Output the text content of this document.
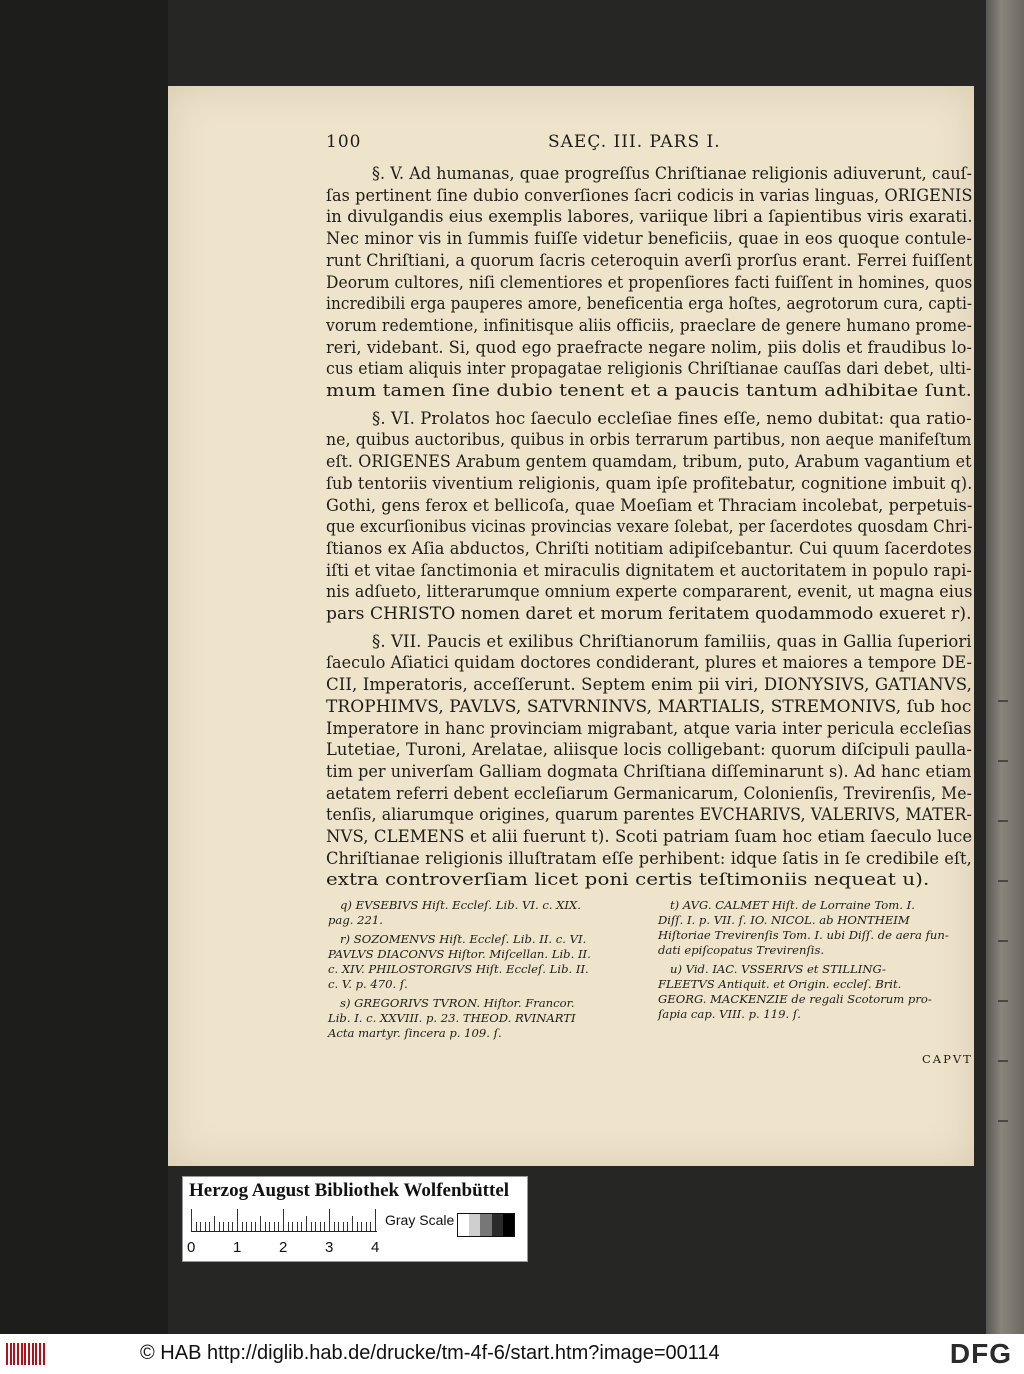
100	SAEÇ. III. PARS I.
§. V. Ad humanas, quae progreſſus Chriſtianae religionis adiuverunt, cauſ-
ſas pertinent ſine dubio converſiones ſacri codicis in varias linguas, ORIGENIS
in divulgandis eius exemplis labores, variique libri a ſapientibus viris exarati.
Nec minor vis in ſummis fuiſſe videtur beneficiis, quae in eos quoque contule-
runt Chriſtiani, a quorum ſacris ceteroquin averſi prorſus erant. Ferrei fuiſſent
Deorum cultores, niſi clementiores et propenſiores facti fuiſſent in homines, quos
incredibili erga pauperes amore, beneficentia erga hoſtes, aegrotorum cura, capti-
vorum redemtione, infinitisque aliis officiis, praeclare de genere humano prome-
reri, videbant. Si, quod ego praefracte negare nolim, piis dolis et fraudibus lo-
cus etiam aliquis inter propagatae religionis Chriſtianae cauſſas dari debet, ulti-
mum tamen ſine dubio tenent et a paucis tantum adhibitae ſunt.
§. VI. Prolatos hoc ſaeculo eccleſiae fines eſſe, nemo dubitat: qua ratio-
ne, quibus auctoribus, quibus in orbis terrarum partibus, non aeque manifeſtum
eſt. ORIGENES Arabum gentem quamdam, tribum, puto, Arabum vagantium et
ſub tentoriis viventium religionis, quam ipſe profitebatur, cognitione imbuit q).
Gothi, gens ferox et bellicoſa, quae Moeſiam et Thraciam incolebat, perpetuis-
que excurſionibus vicinas provincias vexare ſolebat, per ſacerdotes quosdam Chri-
ſtianos ex Aſia abductos, Chriſti notitiam adipiſcebantur. Cui quum ſacerdotes
iſti et vitae ſanctimonia et miraculis dignitatem et auctoritatem in populo rapi-
nis adſueto, litterarumque omnium experte compararent, evenit, ut magna eius
pars CHRISTO nomen daret et morum feritatem quodammodo exueret r).
§. VII. Paucis et exilibus Chriſtianorum familiis, quas in Gallia ſuperiori
ſaeculo Aſiatici quidam doctores condiderant, plures et maiores a tempore DE-
CII, Imperatoris, acceſſerunt. Septem enim pii viri, DIONYSIVS, GATIANVS,
TROPHIMVS, PAVLVS, SATVRNINVS, MARTIALIS, STREMONIVS, ſub hoc
Imperatore in hanc provinciam migrabant, atque varia inter pericula eccleſias
Lutetiae, Turoni, Arelatae, aliisque locis colligebant: quorum diſcipuli paulla-
tim per univerſam Galliam dogmata Chriſtiana diſſeminarunt s). Ad hanc etiam
aetatem referri debent eccleſiarum Germanicarum, Colonienſis, Trevirenſis, Me-
tenſis, aliarumque origines, quarum parentes EVCHARIVS, VALERIVS, MATER-
NVS, CLEMENS et alii fuerunt t). Scoti patriam ſuam hoc etiam ſaeculo luce
Chriſtianae religionis illuſtratam eſſe perhibent: idque ſatis in ſe credibile eſt,
extra controverſiam licet poni certis teſtimoniis nequeat u).
q) EVSEBIVS Hiſt. Eccleſ. Lib. VI. c. XIX.
pag. 221.
r) SOZOMENVS Hiſt. Eccleſ. Lib. II. c. VI.
PAVLVS DIACONVS Hiſtor. Miſcellan. Lib. II.
c. XIV. PHILOSTORGIVS Hiſt. Eccleſ. Lib. II.
c. V. p. 470. ſ.
s) GREGORIVS TVRON. Hiſtor. Francor.
Lib. I. c. XXVIII. p. 23. THEOD. RVINARTI
Acta martyr. ſincera p. 109. ſ.
t) AVG. CALMET Hiſt. de Lorraine Tom. I.
Diſſ. I. p. VII. ſ. IO. NICOL. ab HONTHEIM
Hiſtoriae Trevirenſis Tom. I. ubi Diſſ. de aera fun-
dati epiſcopatus Trevirenſis.
u) Vid. IAC. VSSERIVS et STILLING-
FLEETVS Antiquit. et Origin. eccleſ. Brit.
GEORG. MACKENZIE de regali Scotorum pro-
ſapia cap. VIII. p. 119. ſ.
CAPVT
Herzog August Bibliothek Wolfenbüttel
Gray Scale
0	1	2	3	4
© HAB http://diglib.hab.de/drucke/tm-4f-6/start.htm?image=00114	DFG
